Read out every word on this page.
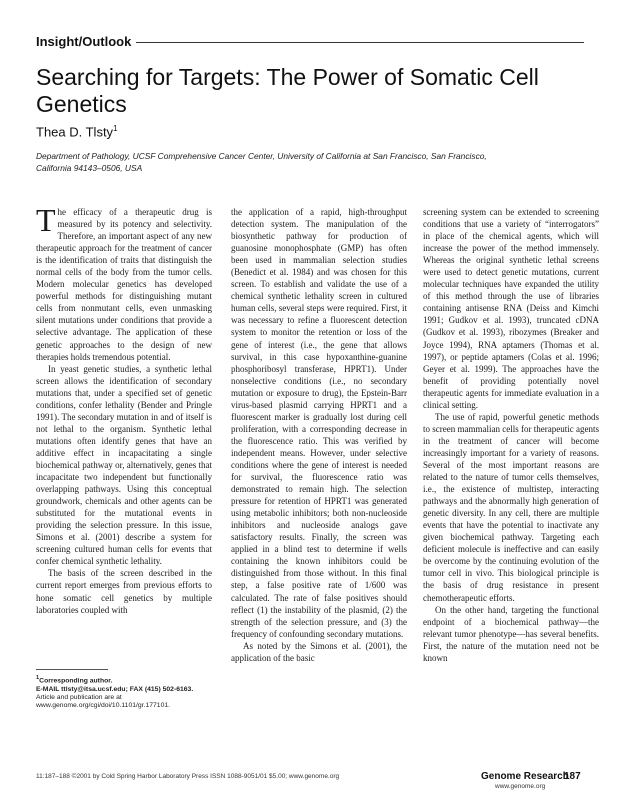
Insight/Outlook
Searching for Targets: The Power of Somatic Cell Genetics
Thea D. Tlsty$^1$
Department of Pathology, UCSF Comprehensive Cancer Center, University of California at San Francisco, San Francisco, California 94143–0506, USA

The efficacy of a therapeutic drug is measured by its potency and selectivity. Therefore, an important aspect of any new therapeutic approach for the treatment of cancer is the identification of traits that distinguish the normal cells of the body from the tumor cells. Modern molecular genetics has developed powerful methods for distinguishing mutant cells from nonmutant cells, even unmasking silent mutations under conditions that provide a selective advantage. The application of these genetic approaches to the design of new therapies holds tremendous potential.

In yeast genetic studies, a synthetic lethal screen allows the identification of secondary mutations that, under a specified set of genetic conditions, confer lethality (Bender and Pringle 1991). The secondary mutation in and of itself is not lethal to the organism. Synthetic lethal mutations often identify genes that have an additive effect in incapacitating a single biochemical pathway or, alternatively, genes that incapacitate two independent but functionally overlapping pathways. Using this conceptual groundwork, chemicals and other agents can be substituted for the mutational events in providing the selection pressure. In this issue, Simons et al. (2001) describe a system for screening cultured human cells for events that confer chemical synthetic lethality.

The basis of the screen described in the current report emerges from previous efforts to hone somatic cell genetics by multiple laboratories coupled with

the application of a rapid, high-throughput detection system. The manipulation of the biosynthetic pathway for production of guanosine monophosphate (GMP) has often been used in mammalian selection studies (Benedict et al. 1984) and was chosen for this screen. To establish and validate the use of a chemical synthetic lethality screen in cultured human cells, several steps were required. First, it was necessary to refine a fluorescent detection system to monitor the retention or loss of the gene of interest (i.e., the gene that allows survival, in this case hypoxanthine-guanine phosphoribosyl transferase, HPRT1). Under nonselective conditions (i.e., no secondary mutation or exposure to drug), the Epstein-Barr virus-based plasmid carrying HPRT1 and a fluorescent marker is gradually lost during cell proliferation, with a corresponding decrease in the fluorescence ratio. This was verified by independent means. However, under selective conditions where the gene of interest is needed for survival, the fluorescence ratio was demonstrated to remain high. The selection pressure for retention of HPRT1 was generated using metabolic inhibitors; both non-nucleoside inhibitors and nucleoside analogs gave satisfactory results. Finally, the screen was applied in a blind test to determine if wells containing the known inhibitors could be distinguished from those without. In this final step, a false positive rate of 1/600 was calculated. The rate of false positives should reflect (1) the instability of the plasmid, (2) the strength of the selection pressure, and (3) the frequency of confounding secondary mutations.

As noted by the Simons et al. (2001), the application of the basic

screening system can be extended to screening conditions that use a variety of “interrogators” in place of the chemical agents, which will increase the power of the method immensely. Whereas the original synthetic lethal screens were used to detect genetic mutations, current molecular techniques have expanded the utility of this method through the use of libraries containing antisense RNA (Deiss and Kimchi 1991; Gudkov et al. 1993), truncated cDNA (Gudkov et al. 1993), ribozymes (Breaker and Joyce 1994), RNA aptamers (Thomas et al. 1997), or peptide aptamers (Colas et al. 1996; Geyer et al. 1999). The approaches have the benefit of providing potentially novel therapeutic agents for immediate evaluation in a clinical setting.

The use of rapid, powerful genetic methods to screen mammalian cells for therapeutic agents in the treatment of cancer will become increasingly important for a variety of reasons. Several of the most important reasons are related to the nature of tumor cells themselves, i.e., the existence of multistep, interacting pathways and the abnormally high generation of genetic diversity. In any cell, there are multiple events that have the potential to inactivate any given biochemical pathway. Targeting each deficient molecule is ineffective and can easily be overcome by the continuing evolution of the tumor cell in vivo. This biological principle is the basis of drug resistance in present chemotherapeutic efforts.

On the other hand, targeting the functional endpoint of a biochemical pathway—the relevant tumor phenotype—has several benefits. First, the nature of the mutation need not be known

$^1$Corresponding author.

E-MAIL ttlsty@itsa.ucsf.edu; FAX (415) 502-6163.

Article and publication are at www.genome.org/cgi/doi/10.1101/gr.177101.

11:187–188 ©2001 by Cold Spring Harbor Laboratory Press ISSN 1088-9051/01 $5.00; www.genome.org	Genome Research
187
www.genome.org
